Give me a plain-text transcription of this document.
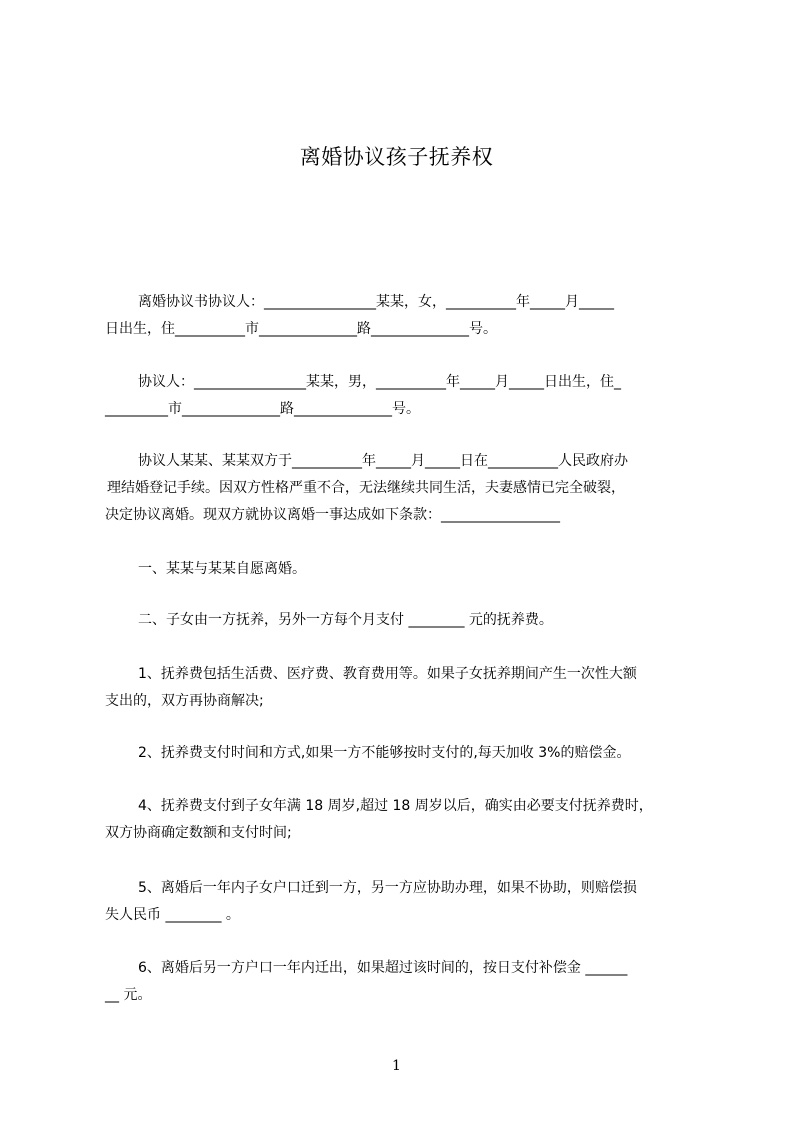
离婚协议孩子抚养权
离婚协议书协议人：________________某某，女，__________年_____月_____
日出生，住__________市______________路______________号。
协议人：________________某某，男，__________年_____月_____日出生，住_
_________市______________路______________号。
协议人某某、某某双方于__________年_____月_____日在__________人民政府办
理结婚登记手续。因双方性格严重不合，无法继续共同生活，夫妻感情已完全破裂，
决定协议离婚。现双方就协议离婚一事达成如下条款：_________________
一、某某与某某自愿离婚。
二、子女由一方抚养，另外一方每个月支付 ________ 元的抚养费。
1、抚养费包括生活费、医疗费、教育费用等。如果子女抚养期间产生一次性大额
支出的，双方再协商解决;
2、抚养费支付时间和方式,如果一方不能够按时支付的,每天加收 3%的赔偿金。
4、抚养费支付到子女年满 18 周岁,超过 18 周岁以后，确实由必要支付抚养费时，
双方协商确定数额和支付时间;
5、离婚后一年内子女户口迁到一方，另一方应协助办理，如果不协助，则赔偿损
失人民币 ________ 。
6、离婚后另一方户口一年内迁出，如果超过该时间的，按日支付补偿金 ______
__ 元。
1
